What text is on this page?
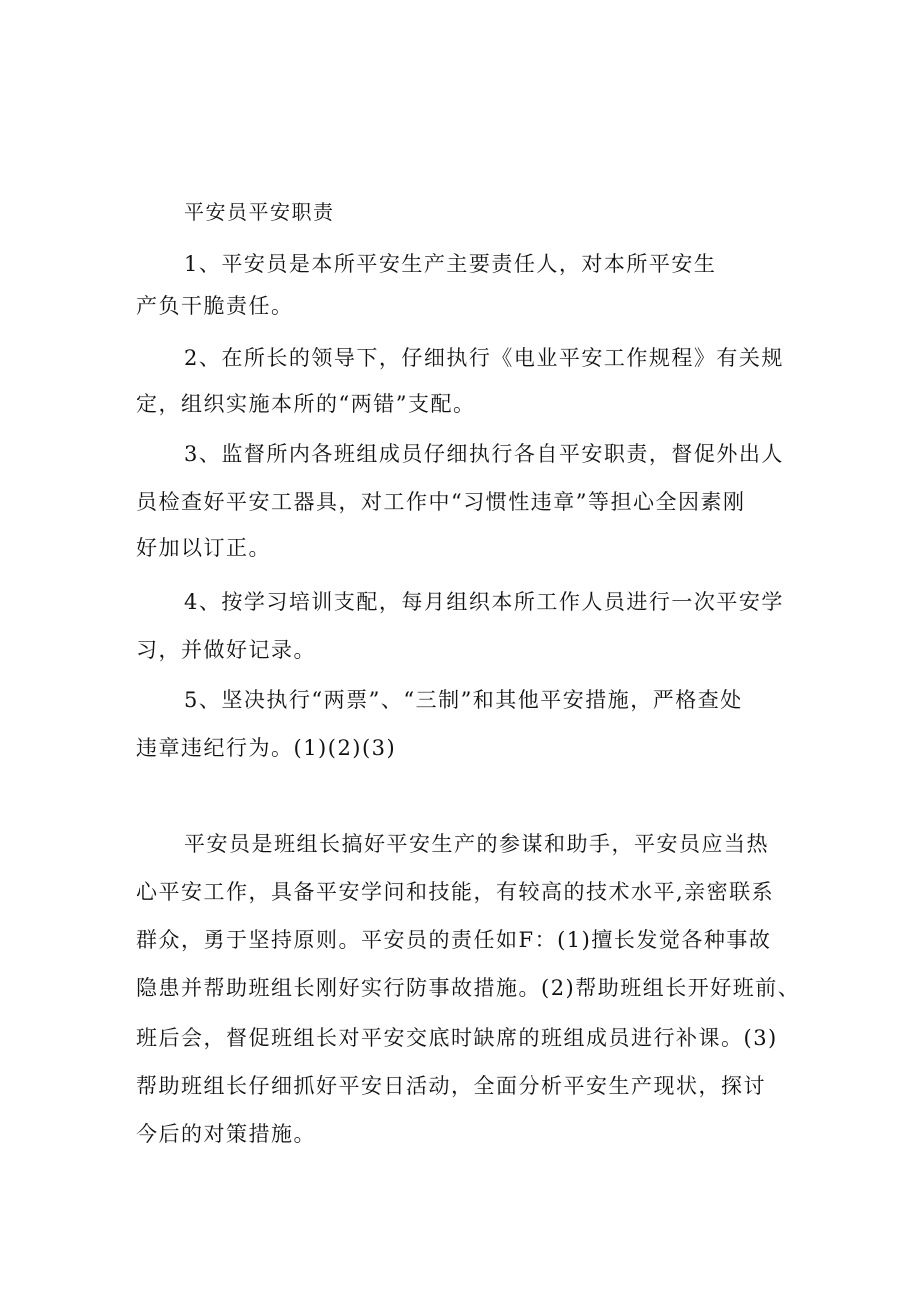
平安员平安职责
1、平安员是本所平安生产主要责任人，对本所平安生
产负干脆责任。
2、在所长的领导下，仔细执行《电业平安工作规程》有关规
定，组织实施本所的“两错”支配。
3、监督所内各班组成员仔细执行各自平安职责，督促外出人
员检查好平安工器具，对工作中“习惯性违章”等担心全因素刚
好加以订正。
4、按学习培训支配，每月组织本所工作人员进行一次平安学
习，并做好记录。
5、坚决执行“两票”、“三制”和其他平安措施，严格查处
违章违纪行为。(1)(2)(3)
平安员是班组长搞好平安生产的参谋和助手，平安员应当热
心平安工作，具备平安学问和技能，有较高的技术水平,亲密联系
群众，勇于坚持原则。平安员的责任如F：(1)擅长发觉各种事故
隐患并帮助班组长刚好实行防事故措施。(2)帮助班组长开好班前、
班后会，督促班组长对平安交底时缺席的班组成员进行补课。(3)
帮助班组长仔细抓好平安日活动，全面分析平安生产现状，探讨
今后的对策措施。
